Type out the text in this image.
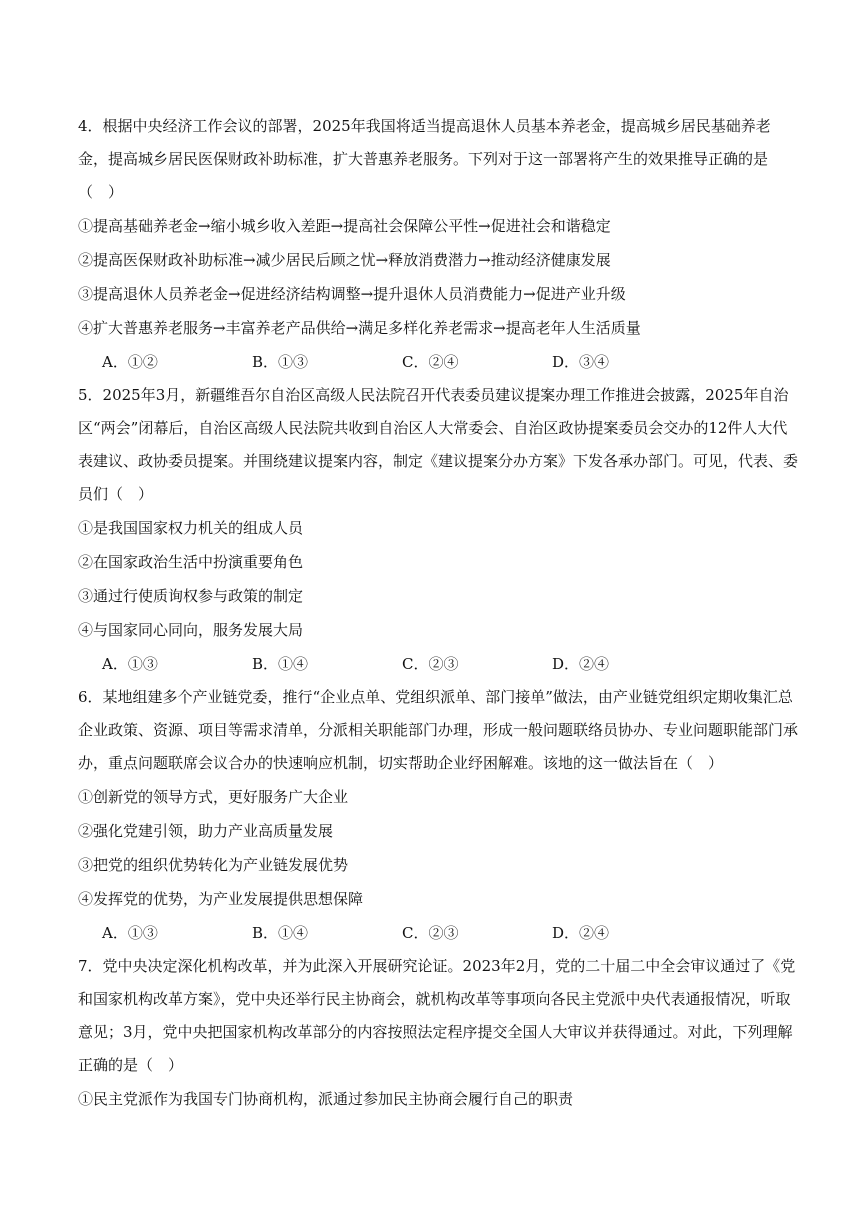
4．根据中央经济工作会议的部署，2025年我国将适当提高退休人员基本养老金，提高城乡居民基础养老金，提高城乡居民医保财政补助标准，扩大普惠养老服务。下列对于这一部署将产生的效果推导正确的是（　）

①提高基础养老金→缩小城乡收入差距→提高社会保障公平性→促进社会和谐稳定

②提高医保财政补助标准→减少居民后顾之忧→释放消费潜力→推动经济健康发展

③提高退休人员养老金→促进经济结构调整→提升退休人员消费能力→促进产业升级

④扩大普惠养老服务→丰富养老产品供给→满足多样化养老需求→提高老年人生活质量

A．①②	B．①③	C．②④	D．③④

5．2025年3月，新疆维吾尔自治区高级人民法院召开代表委员建议提案办理工作推进会披露，2025年自治区“两会”闭幕后，自治区高级人民法院共收到自治区人大常委会、自治区政协提案委员会交办的12件人大代表建议、政协委员提案。并围绕建议提案内容，制定《建议提案分办方案》下发各承办部门。可见，代表、委员们（　）

①是我国国家权力机关的组成人员

②在国家政治生活中扮演重要角色

③通过行使质询权参与政策的制定

④与国家同心同向，服务发展大局

A．①③	B．①④	C．②③	D．②④

6．某地组建多个产业链党委，推行“企业点单、党组织派单、部门接单”做法，由产业链党组织定期收集汇总企业政策、资源、项目等需求清单，分派相关职能部门办理，形成一般问题联络员协办、专业问题职能部门承办，重点问题联席会议合办的快速响应机制，切实帮助企业纾困解难。该地的这一做法旨在（　）

①创新党的领导方式，更好服务广大企业

②强化党建引领，助力产业高质量发展

③把党的组织优势转化为产业链发展优势

④发挥党的优势，为产业发展提供思想保障

A．①③	B．①④	C．②③	D．②④

7．党中央决定深化机构改革，并为此深入开展研究论证。2023年2月，党的二十届二中全会审议通过了《党和国家机构改革方案》，党中央还举行民主协商会，就机构改革等事项向各民主党派中央代表通报情况，听取意见；3月，党中央把国家机构改革部分的内容按照法定程序提交全国人大审议并获得通过。对此，下列理解正确的是（　）

①民主党派作为我国专门协商机构，派通过参加民主协商会履行自己的职责
